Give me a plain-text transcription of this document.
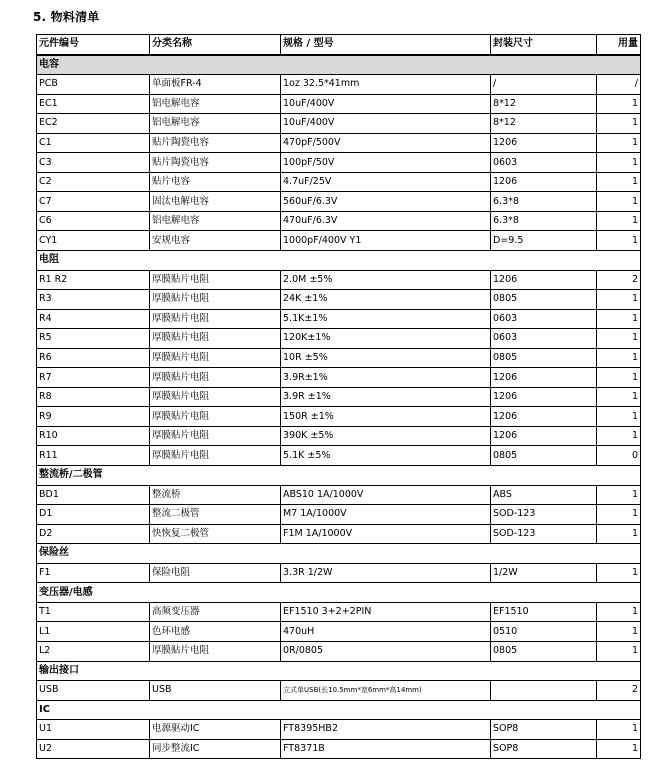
5. 物料清单
元件编号	分类名称	规格 / 型号	封装尺寸	用量
电容				
PCB	单面板FR-4	1oz 32.5*41mm	/	/
EC1	铝电解电容	10uF/400V	8*12	1
EC2	铝电解电容	10uF/400V	8*12	1
C1	贴片陶瓷电容	470pF/500V	1206	1
C3	贴片陶瓷电容	100pF/50V	0603	1
C2	贴片电容	4.7uF/25V	1206	1
C7	固汰电解电容	560uF/6.3V	6.3*8	1
C6	铝电解电容	470uF/6.3V	6.3*8	1
CY1	安规电容	1000pF/400V Y1	D=9.5	1
电阻				
R1 R2	厚膜贴片电阻	2.0M ±5%	1206	2
R3	厚膜贴片电阻	24K ±1%	0805	1
R4	厚膜贴片电阻	5.1K±1%	0603	1
R5	厚膜贴片电阻	120K±1%	0603	1
R6	厚膜贴片电阻	10R ±5%	0805	1
R7	厚膜贴片电阻	3.9R±1%	1206	1
R8	厚膜贴片电阻	3.9R ±1%	1206	1
R9	厚膜贴片电阻	150R ±1%	1206	1
R10	厚膜贴片电阻	390K ±5%	1206	1
R11	厚膜贴片电阻	5.1K ±5%	0805	0
整流桥/二极管				
BD1	整流桥	ABS10 1A/1000V	ABS	1
D1	整流二极管	M7 1A/1000V	SOD-123	1
D2	快恢复二极管	F1M 1A/1000V	SOD-123	1
保险丝				
F1	保险电阻	3.3R 1/2W	1/2W	1
变压器/电感				
T1	高频变压器	EF1510 3+2+2PIN	EF1510	1
L1	色环电感	470uH	0510	1
L2	厚膜贴片电阻	0R/0805	0805	1
输出接口				
USB	USB	立式单USB(长10.5mm*宽6mm*高14mm)		2
IC				
U1	电源驱动IC	FT8395HB2	SOP8	1
U2	同步整流IC	FT8371B	SOP8	1
